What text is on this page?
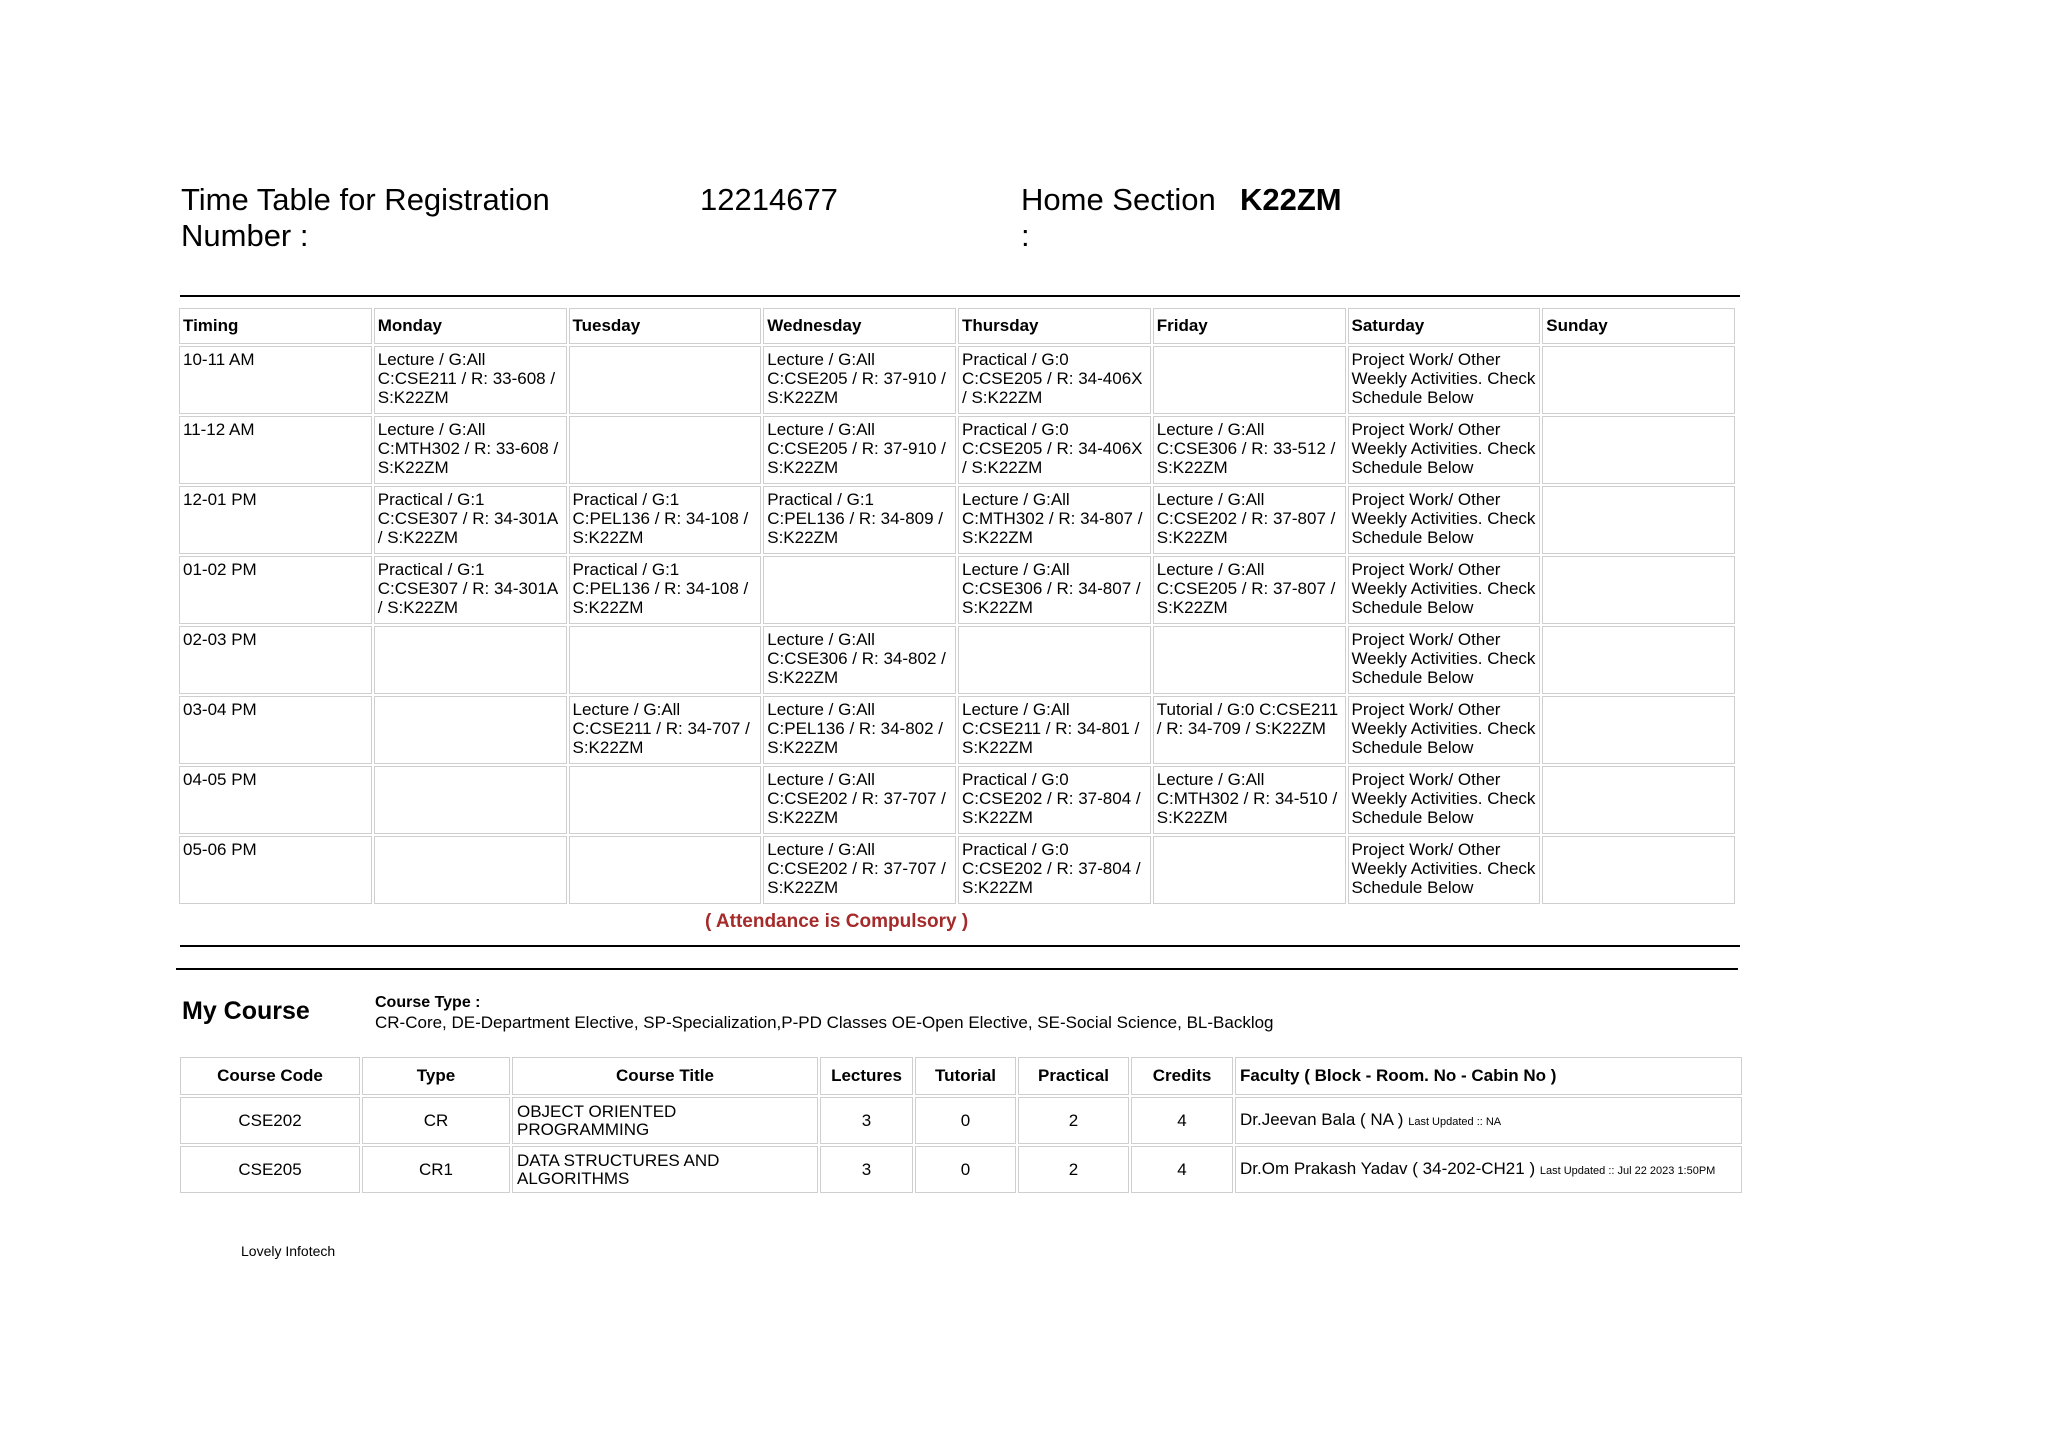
Time Table for Registration Number :
12214677	Home Section :
K22ZM
Timing	Monday	Tuesday	Wednesday	Thursday	Friday	Saturday	Sunday
10-11 AM	Lecture / G:All C:CSE211 / R: 33-608 / S:K22ZM		Lecture / G:All C:CSE205 / R: 37-910 / S:K22ZM	Practical / G:0 C:CSE205 / R: 34-406X / S:K22ZM		Project Work/ Other Weekly Activities. Check Schedule Below	
11-12 AM	Lecture / G:All C:MTH302 / R: 33-608 / S:K22ZM		Lecture / G:All C:CSE205 / R: 37-910 / S:K22ZM	Practical / G:0 C:CSE205 / R: 34-406X / S:K22ZM	Lecture / G:All C:CSE306 / R: 33-512 / S:K22ZM	Project Work/ Other Weekly Activities. Check Schedule Below	
12-01 PM	Practical / G:1 C:CSE307 / R: 34-301A / S:K22ZM	Practical / G:1 C:PEL136 / R: 34-108 / S:K22ZM	Practical / G:1 C:PEL136 / R: 34-809 / S:K22ZM	Lecture / G:All C:MTH302 / R: 34-807 / S:K22ZM	Lecture / G:All C:CSE202 / R: 37-807 / S:K22ZM	Project Work/ Other Weekly Activities. Check Schedule Below	
01-02 PM	Practical / G:1 C:CSE307 / R: 34-301A / S:K22ZM	Practical / G:1 C:PEL136 / R: 34-108 / S:K22ZM		Lecture / G:All C:CSE306 / R: 34-807 / S:K22ZM	Lecture / G:All C:CSE205 / R: 37-807 / S:K22ZM	Project Work/ Other Weekly Activities. Check Schedule Below	
02-03 PM			Lecture / G:All C:CSE306 / R: 34-802 / S:K22ZM			Project Work/ Other Weekly Activities. Check Schedule Below	
03-04 PM		Lecture / G:All C:CSE211 / R: 34-707 / S:K22ZM	Lecture / G:All C:PEL136 / R: 34-802 / S:K22ZM	Lecture / G:All C:CSE211 / R: 34-801 / S:K22ZM	Tutorial / G:0 C:CSE211 / R: 34-709 / S:K22ZM	Project Work/ Other Weekly Activities. Check Schedule Below	
04-05 PM			Lecture / G:All C:CSE202 / R: 37-707 / S:K22ZM	Practical / G:0 C:CSE202 / R: 37-804 / S:K22ZM	Lecture / G:All C:MTH302 / R: 34-510 / S:K22ZM	Project Work/ Other Weekly Activities. Check Schedule Below	
05-06 PM			Lecture / G:All C:CSE202 / R: 37-707 / S:K22ZM	Practical / G:0 C:CSE202 / R: 37-804 / S:K22ZM		Project Work/ Other Weekly Activities. Check Schedule Below	
( Attendance is Compulsory )
My Course	Course Type :
CR-Core, DE-Department Elective, SP-Specialization,P-PD Classes OE-Open Elective, SE-Social Science, BL-Backlog
Course Code	Type	Course Title	Lectures	Tutorial	Practical	Credits	Faculty ( Block - Room. No - Cabin No )
CSE202	CR	OBJECT ORIENTED PROGRAMMING	3	0	2	4	Dr.Jeevan Bala ( NA ) Last Updated :: NA
CSE205	CR1	DATA STRUCTURES AND ALGORITHMS	3	0	2	4	Dr.Om Prakash Yadav ( 34-202-CH21 ) Last Updated :: Jul 22 2023 1:50PM
Lovely Infotech
